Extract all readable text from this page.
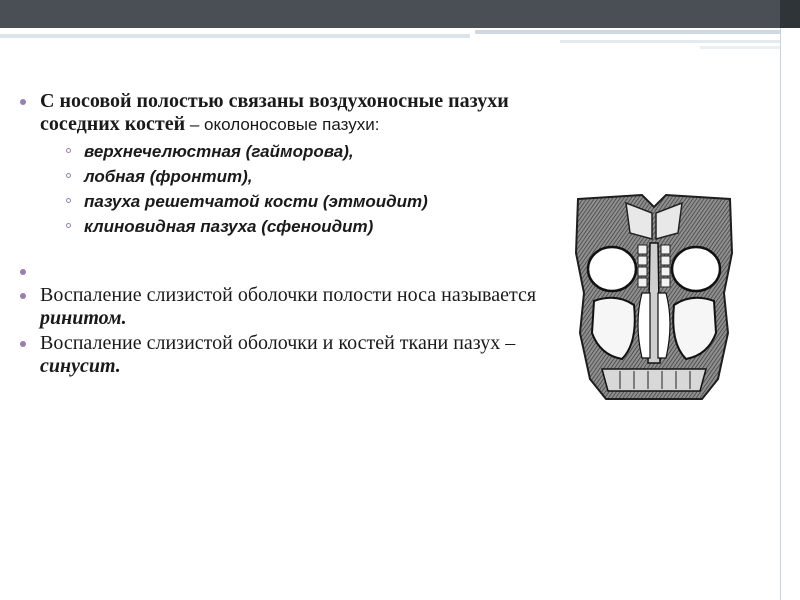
С носовой полостью связаны воздухоносные пазухи соседних костей – околоносовые пазухи:
верхнечелюстная (гайморова),
лобная (фронтит),
пазуха решетчатой кости (этмоидит)
клиновидная пазуха (сфеноидит)
Воспаление слизистой оболочки полости носа называется ринитом.
Воспаление слизистой оболочки и костей ткани пазух – синусит.
